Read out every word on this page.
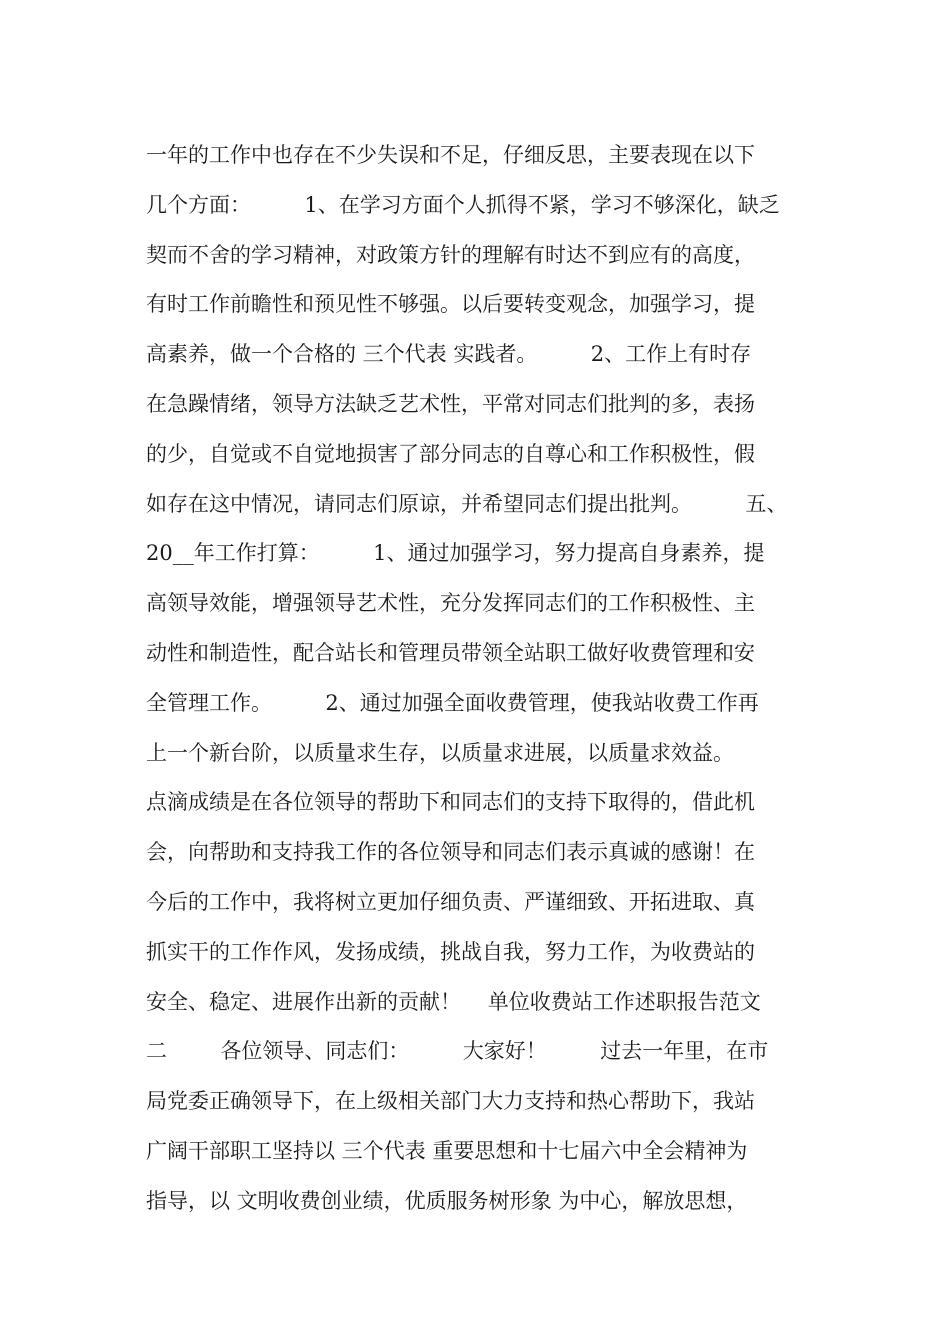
一年的工作中也存在不少失误和不足，仔细反思，主要表现在以下
几个方面：        1、在学习方面个人抓得不紧，学习不够深化，缺乏
契而不舍的学习精神，对政策方针的理解有时达不到应有的高度，
有时工作前瞻性和预见性不够强。以后要转变观念，加强学习，提
高素养，做一个合格的 三个代表 实践者。        2、工作上有时存
在急躁情绪，领导方法缺乏艺术性，平常对同志们批判的多，表扬
的少，自觉或不自觉地损害了部分同志的自尊心和工作积极性，假
如存在这中情况，请同志们原谅，并希望同志们提出批判。        五、
20__年工作打算：        1、通过加强学习，努力提高自身素养，提
高领导效能，增强领导艺术性，充分发挥同志们的工作积极性、主
动性和制造性，配合站长和管理员带领全站职工做好收费管理和安
全管理工作。        2、通过加强全面收费管理，使我站收费工作再
上一个新台阶，以质量求生存，以质量求进展，以质量求效益。
点滴成绩是在各位领导的帮助下和同志们的支持下取得的，借此机
会，向帮助和支持我工作的各位领导和同志们表示真诚的感谢！在
今后的工作中，我将树立更加仔细负责、严谨细致、开拓进取、真
抓实干的工作作风，发扬成绩，挑战自我，努力工作，为收费站的
安全、稳定、进展作出新的贡献！    单位收费站工作述职报告范文
二        各位领导、同志们：        大家好！        过去一年里，在市
局党委正确领导下，在上级相关部门大力支持和热心帮助下，我站
广阔干部职工坚持以 三个代表 重要思想和十七届六中全会精神为
指导，以 文明收费创业绩，优质服务树形象 为中心，解放思想，
